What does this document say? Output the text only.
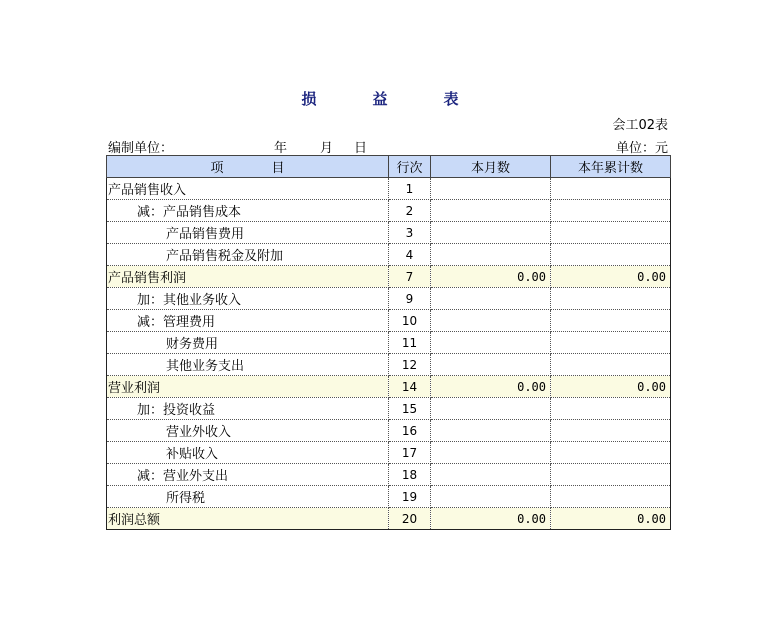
损	益	表
会工02表
编制单位：	年	月 日	单位：元
项 目	行次	本月数	本年累计数
产品销售收入	1		
减：产品销售成本	2		
产品销售费用	3		
产品销售税金及附加	4		
产品销售利润	7	0.00	0.00
加：其他业务收入	9		
减：管理费用	10		
财务费用	11		
其他业务支出	12		
营业利润	14	0.00	0.00
加：投资收益	15		
营业外收入	16		
补贴收入	17		
减：营业外支出	18		
所得税	19		
利润总额	20	0.00	0.00
